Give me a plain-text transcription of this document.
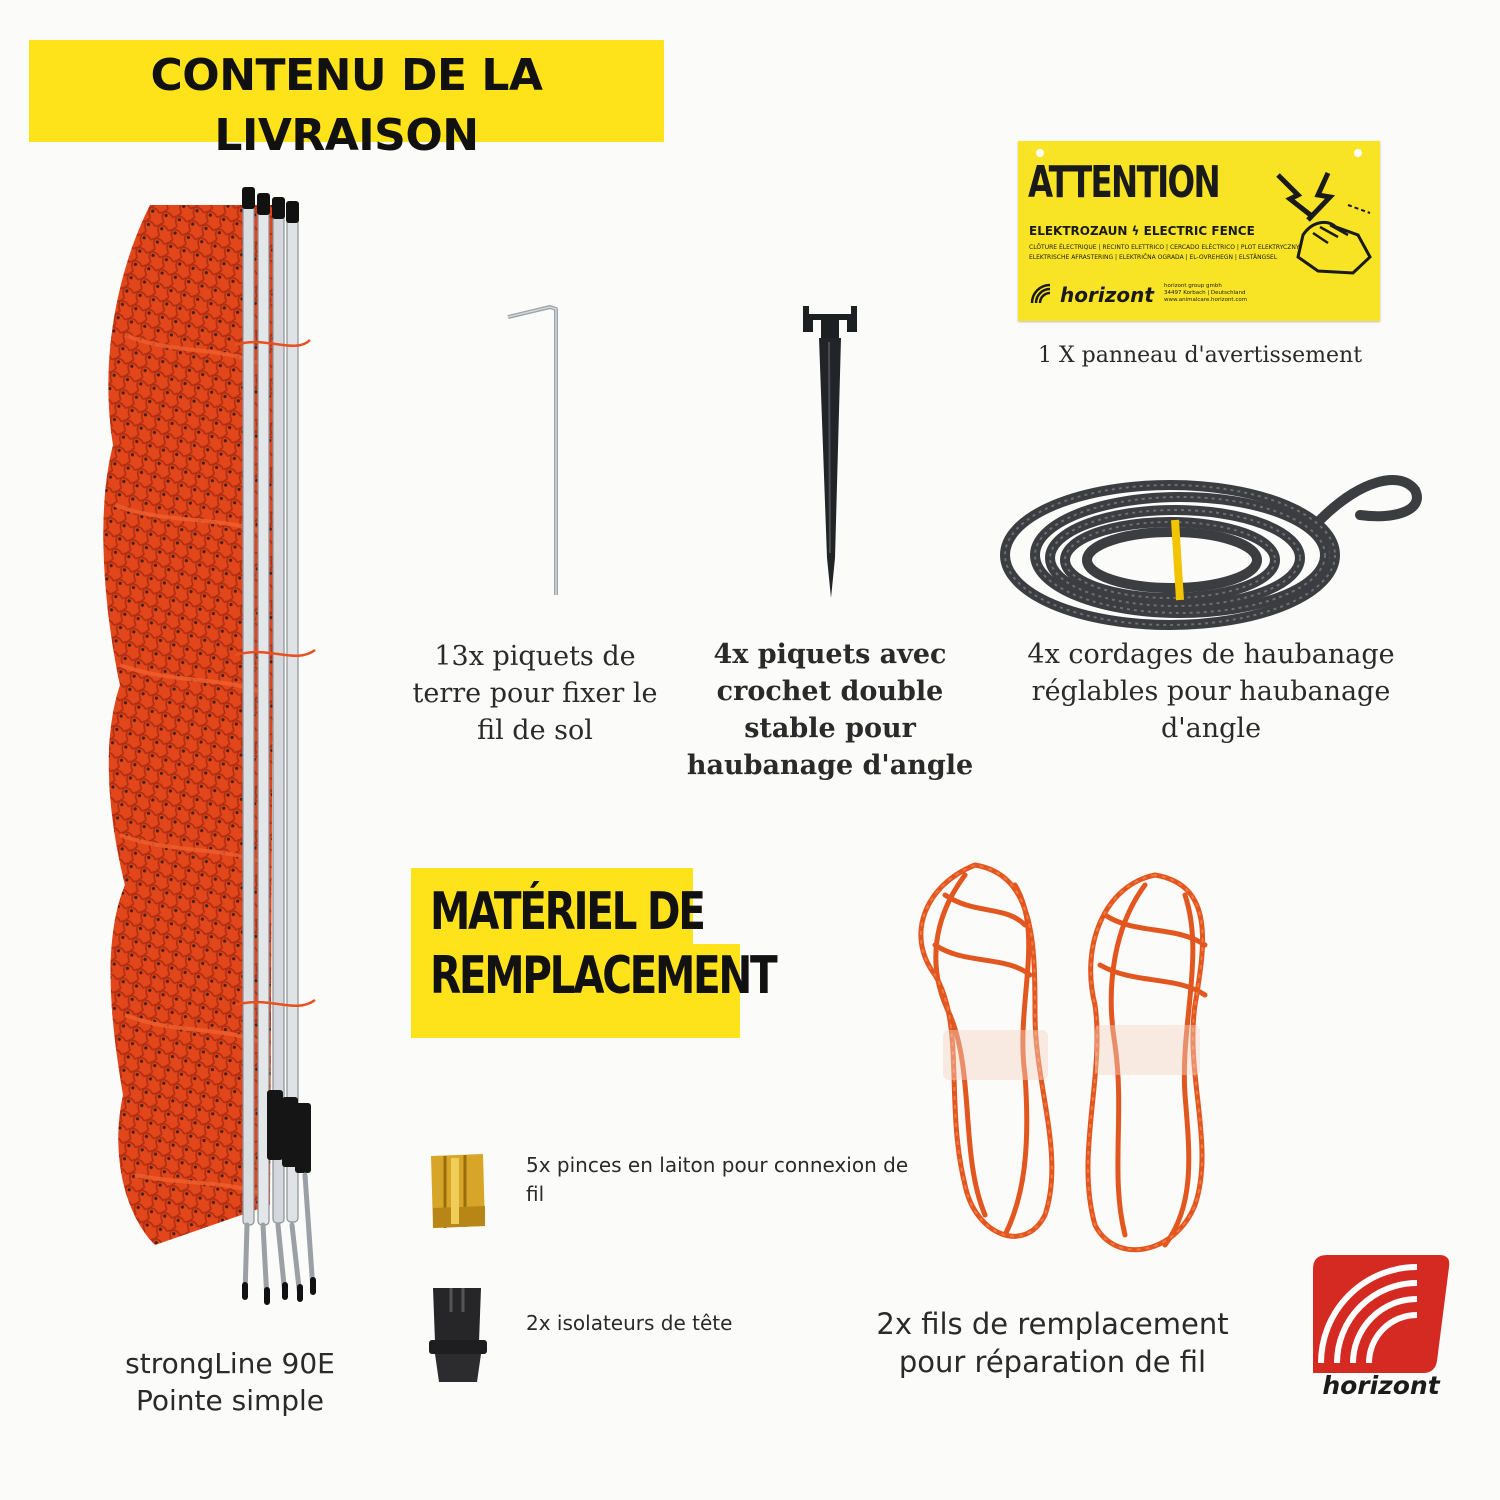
CONTENU DE LA
LIVRAISON
strongLine 90E
Pointe simple
13x piquets de
terre pour fixer le
fil de sol
4x piquets avec
crochet double
stable pour
haubanage d'angle
ATTENTION
ELEKTROZAUN ϟ ELECTRIC FENCE
CLÔTURE ÉLECTRIQUE | RECINTO ELETTRICO | CERCADO ELÉCTRICO | PLOT ELEKTRYCZNY
ELEKTRISCHE AFRASTERING | ELEKTRIČNA OGRADA | EL-OVREHEGN | ELSTÄNGSEL
horizont horizont group gmbh
34497 Korbach | Deutschland
www.animalcare.horizont.com
1 X panneau d'avertissement
4x cordages de haubanage
réglables pour haubanage
d'angle
MATÉRIEL DE
REMPLACEMENT
5x pinces en laiton pour connexion de
fil
2x isolateurs de tête	2x fils de remplacement
pour réparation de fil
horizont
